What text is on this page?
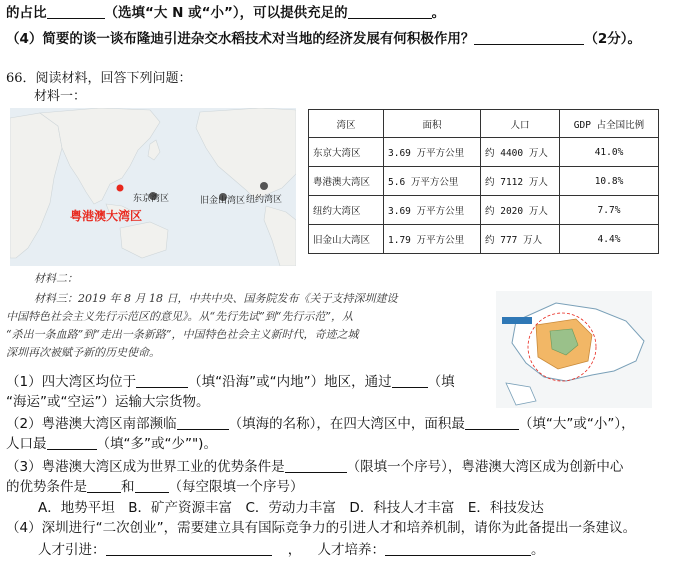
的占比	（选填“大 N 或“小”），可以提供充足的	。
（4）简要的谈一谈布隆迪引进杂交水稻技术对当地的经济发展有何积极作用？	（2分）。
66．阅读材料，回答下列问题：
材料一：
粤港澳大湾区
东京湾区	旧金山湾区 纽约湾区
湾区	面积	人口	GDP 占全国比例
东京大湾区	3.69 万平方公里	约 4400 万人	41.0%
粤港澳大湾区	5.6 万平方公里	约 7112 万人	10.8%
纽约大湾区	3.69 万平方公里	约 2020 万人	7.7%
旧金山大湾区	1.79 万平方公里	约 777 万人	4.4%
材料二：
材料三：2019 年 8 月 18 日，中共中央、国务院发布《关于支持深圳建设
中国特色社会主义先行示范区的意见》。从“先行先试”到“先行示范”，从
“杀出一条血路”到“走出一条新路”，中国特色社会主义新时代，奇迹之城
深圳再次被赋予新的历史使命。
（1）四大湾区均位于	（填“沿海”或“内地”）地区，通过	（填
“海运”或“空运”）运输大宗货物。
（2）粤港澳大湾区南部濒临	（填海的名称），在四大湾区中，面积最	（填“大”或“小”），
人口最	（填“多”或“少”")。
（3）粤港澳大湾区成为世界工业的优势条件是	（限填一个序号），粤港澳大湾区成为创新中心
的优势条件是	和	（每空限填一个序号）
A．地势平坦　B．矿产资源丰富　C．劳动力丰富　D．科技人才丰富　E．科技发达
（4）深圳进行“二次创业”，需要建立具有国际竞争力的引进人才和培养机制，请你为此备提出一条建议。
人才引进：	， 人才培养：	。
